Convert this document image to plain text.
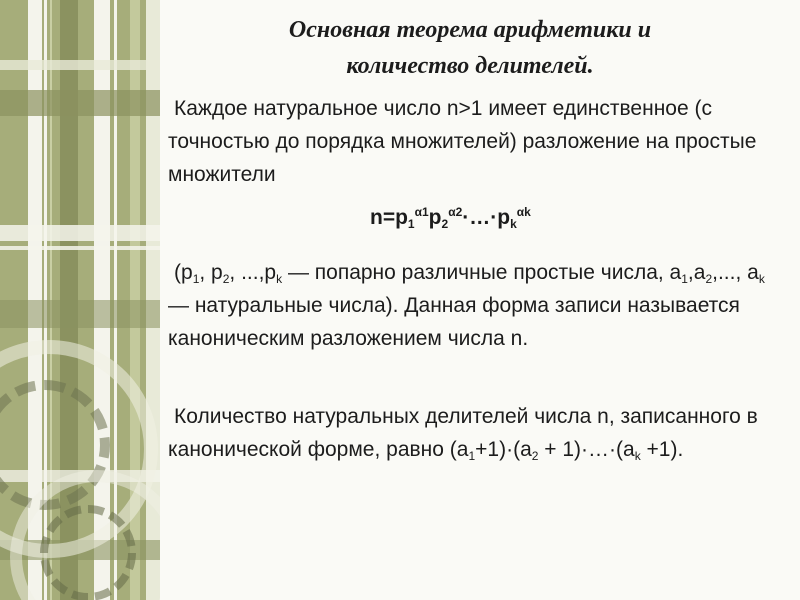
Основная теорема арифметики и
количество делителей.

Каждое натуральное число n>1 имеет единственное (с точностью до порядка множителей) разложение на простые множители

$n=p_1^{\alpha 1}p_2^{\alpha 2}\cdot\dots\cdot p_k^{\alpha k}$

($p_1$, $p_2$, $...,p_k$ — попарно различные простые числа, $a_1,a_2$,..., $a_k$ — натуральные числа). Данная форма записи называется каноническим разложением числа n.

Количество натуральных делителей числа n, записанного в канонической форме, равно $(a_1+1)\cdot(a_2$ + $1)\cdot\dots\cdot(a_k +1)$.
